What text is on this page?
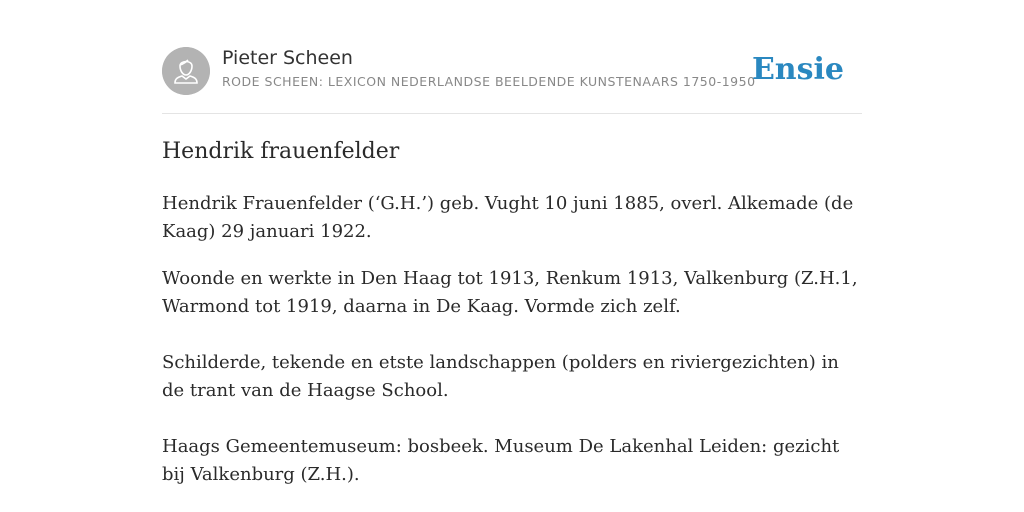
Pieter Scheen
RODE SCHEEN: LEXICON NEDERLANDSE BEELDENDE KUNSTENAARS 1750-1950
Ensie
Hendrik frauenfelder

Hendrik Frauenfelder (‘G.H.’) geb. Vught 10 juni 1885, overl. Alkemade (de Kaag) 29 januari 1922.

Woonde en werkte in Den Haag tot 1913, Renkum 1913, Valkenburg (Z.H.1, Warmond tot 1919, daarna in De Kaag. Vormde zich zelf.

Schilderde, tekende en etste landschappen (polders en riviergezichten) in de trant van de Haagse School.

Haags Gemeentemuseum: bosbeek. Museum De Lakenhal Leiden: gezicht bij Valkenburg (Z.H.).
